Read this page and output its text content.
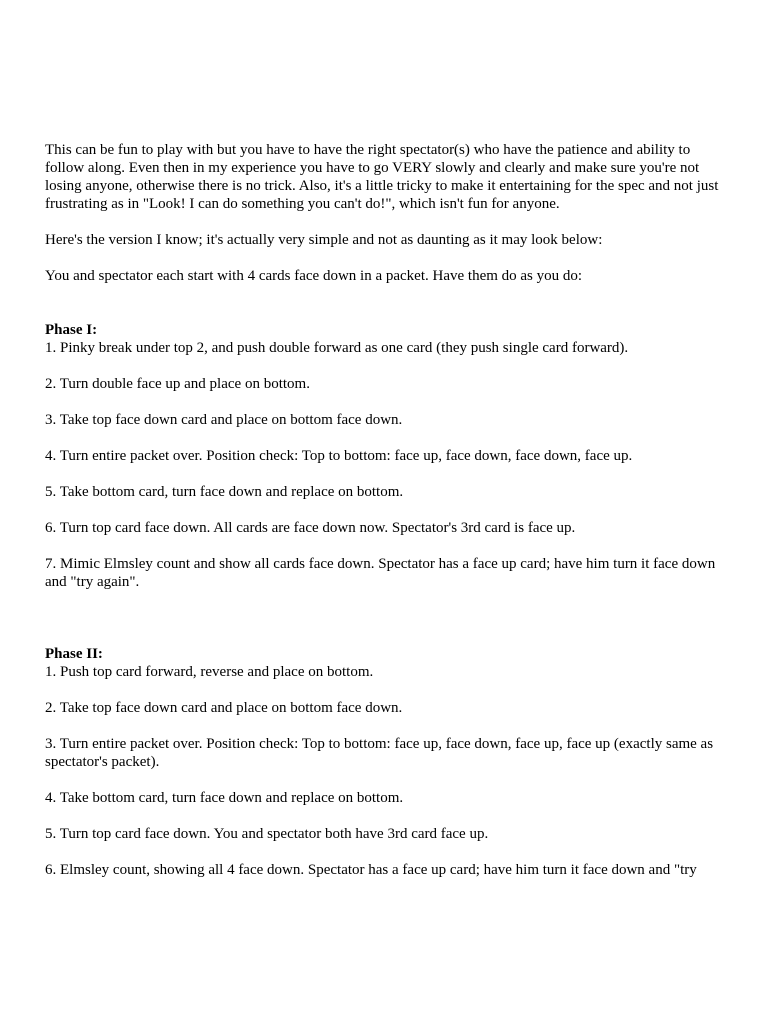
This can be fun to play with but you have to have the right spectator(s) who have the patience and ability to follow along. Even then in my experience you have to go VERY slowly and clearly and make sure you're not losing anyone, otherwise there is no trick. Also, it's a little tricky to make it entertaining for the spec and not just frustrating as in "Look! I can do something you can't do!", which isn't fun for anyone.

Here's the version I know; it's actually very simple and not as daunting as it may look below:

You and spectator each start with 4 cards face down in a packet. Have them do as you do:

Phase I:

1. Pinky break under top 2, and push double forward as one card (they push single card forward).

2. Turn double face up and place on bottom.

3. Take top face down card and place on bottom face down.

4. Turn entire packet over. Position check: Top to bottom: face up, face down, face down, face up.

5. Take bottom card, turn face down and replace on bottom.

6. Turn top card face down. All cards are face down now. Spectator's 3rd card is face up.

7. Mimic Elmsley count and show all cards face down. Spectator has a face up card; have him turn it face down and "try again".

Phase II:

1. Push top card forward, reverse and place on bottom.

2. Take top face down card and place on bottom face down.

3. Turn entire packet over. Position check: Top to bottom: face up, face down, face up, face up (exactly same as spectator's packet).

4. Take bottom card, turn face down and replace on bottom.

5. Turn top card face down. You and spectator both have 3rd card face up.

6. Elmsley count, showing all 4 face down. Spectator has a face up card; have him turn it face down and "try
